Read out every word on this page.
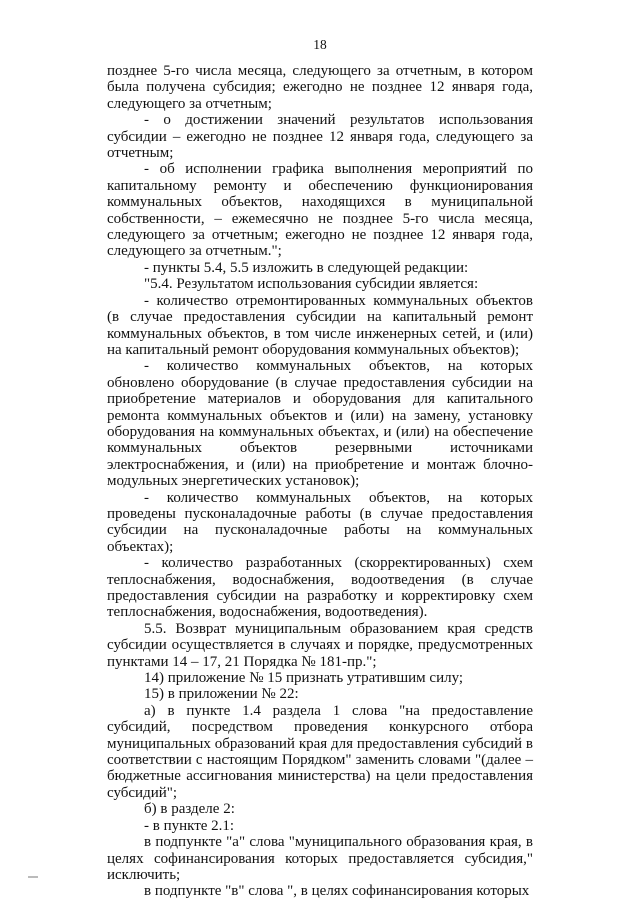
18

позднее 5-го числа месяца, следующего за отчетным, в котором была получена субсидия; ежегодно не позднее 12 января года, следующего за отчетным;

- о достижении значений результатов использования субсидии – ежегодно не позднее 12 января года, следующего за отчетным;

- об исполнении графика выполнения мероприятий по капитальному ремонту и обеспечению функционирования коммунальных объектов, находящихся в муниципальной собственности, – ежемесячно не позднее 5-го числа месяца, следующего за отчетным; ежегодно не позднее 12 января года, следующего за отчетным.";

- пункты 5.4, 5.5 изложить в следующей редакции:

"5.4. Результатом использования субсидии является:

- количество отремонтированных коммунальных объектов (в случае предоставления субсидии на капитальный ремонт коммунальных объектов, в том числе инженерных сетей, и (или) на капитальный ремонт оборудования коммунальных объектов);

- количество коммунальных объектов, на которых обновлено оборудование (в случае предоставления субсидии на приобретение материалов и оборудования для капитального ремонта коммунальных объектов и (или) на замену, установку оборудования на коммунальных объектах, и (или) на обеспечение коммунальных объектов резервными источниками электроснабжения, и (или) на приобретение и монтаж блочно-модульных энергетических установок);

- количество коммунальных объектов, на которых проведены пусконаладочные работы (в случае предоставления субсидии на пусконаладочные работы на коммунальных объектах);

- количество разработанных (скорректированных) схем теплоснабжения, водоснабжения, водоотведения (в случае предоставления субсидии на разработку и корректировку схем теплоснабжения, водоснабжения, водоотведения).

5.5. Возврат муниципальным образованием края средств субсидии осуществляется в случаях и порядке, предусмотренных пунктами 14 – 17, 21 Порядка № 181-пр.";

14) приложение № 15 признать утратившим силу;

15) в приложении № 22:

а) в пункте 1.4 раздела 1 слова "на предоставление субсидий, посредством проведения конкурсного отбора муниципальных образований края для предоставления субсидий в соответствии с настоящим Порядком" заменить словами "(далее – бюджетные ассигнования министерства) на цели предоставления субсидий";

б) в разделе 2:

- в пункте 2.1:

в подпункте "а" слова "муниципального образования края, в целях софинансирования которых предоставляется субсидия," исключить;

в подпункте "в" слова ", в целях софинансирования которых
